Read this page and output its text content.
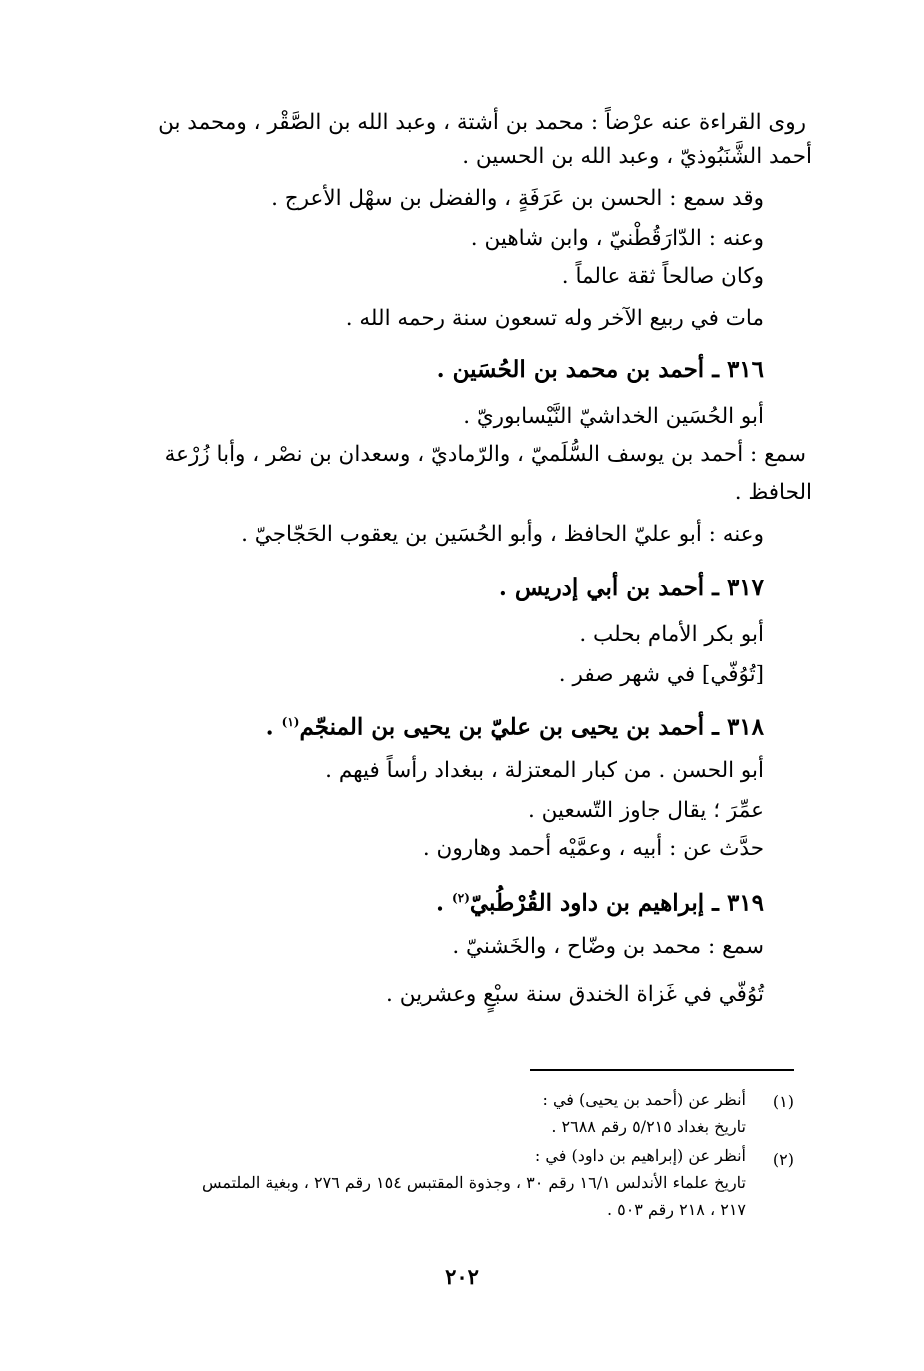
روى القراءة عنه عرْضاً : محمد بن أشتة ، وعبد الله بن الصَّقْر ، ومحمد بن

أحمد الشَّنَبُوذيّ ، وعبد الله بن الحسين .

وقد سمع : الحسن بن عَرَفَةٍ ، والفضل بن سهْل الأعرج .

وعنه : الدّارَقُطْنيّ ، وابن شاهين .

وكان صالحاً ثقة عالماً .

مات في ربيع الآخر وله تسعون سنة رحمه الله .

٣١٦ ـ أحمد بن محمد بن الحُسَين .

أبو الحُسَين الخداشيّ النَّيْسابوريّ .

سمع : أحمد بن يوسف السُّلَميّ ، والرّماديّ ، وسعدان بن نصْر ، وأبا زُرْعة

الحافظ .

وعنه : أبو عليّ الحافظ ، وأبو الحُسَين بن يعقوب الحَجّاجيّ .

٣١٧ ـ أحمد بن أبي إدريس .

أبو بكر الأمام بحلب .

[تُوُفّي] في شهر صفر .

٣١٨ ـ أحمد بن يحيى بن عليّ بن يحيى بن المنجّم$^{(١)}$ .

أبو الحسن . من كبار المعتزلة ، ببغداد رأساً فيهم .

عمِّرَ ؛ يقال جاوز التّسعين .

حدَّث عن : أبيه ، وعمَّيْه أحمد وهارون .

٣١٩ ـ إبراهيم بن داود القُرْطُبيّ$^{(٢)}$ .

سمع : محمد بن وضّاح ، والخَشنيّ .

تُوُفّي في غَزاة الخندق سنة سبْعٍ وعشرين .

(١)
أنظر عن (أحمد بن يحيى) في :
تاريخ بغداد ٥/٢١٥ رقم ٢٦٨٨ .
(٢)
أنظر عن (إبراهيم بن داود) في :
تاريخ علماء الأندلس ١٦/١ رقم ٣٠ ، وجذوة المقتبس ١٥٤ رقم ٢٧٦ ، وبغية الملتمس
٢١٧ ، ٢١٨ رقم ٥٠٣ .
٢٠٢
